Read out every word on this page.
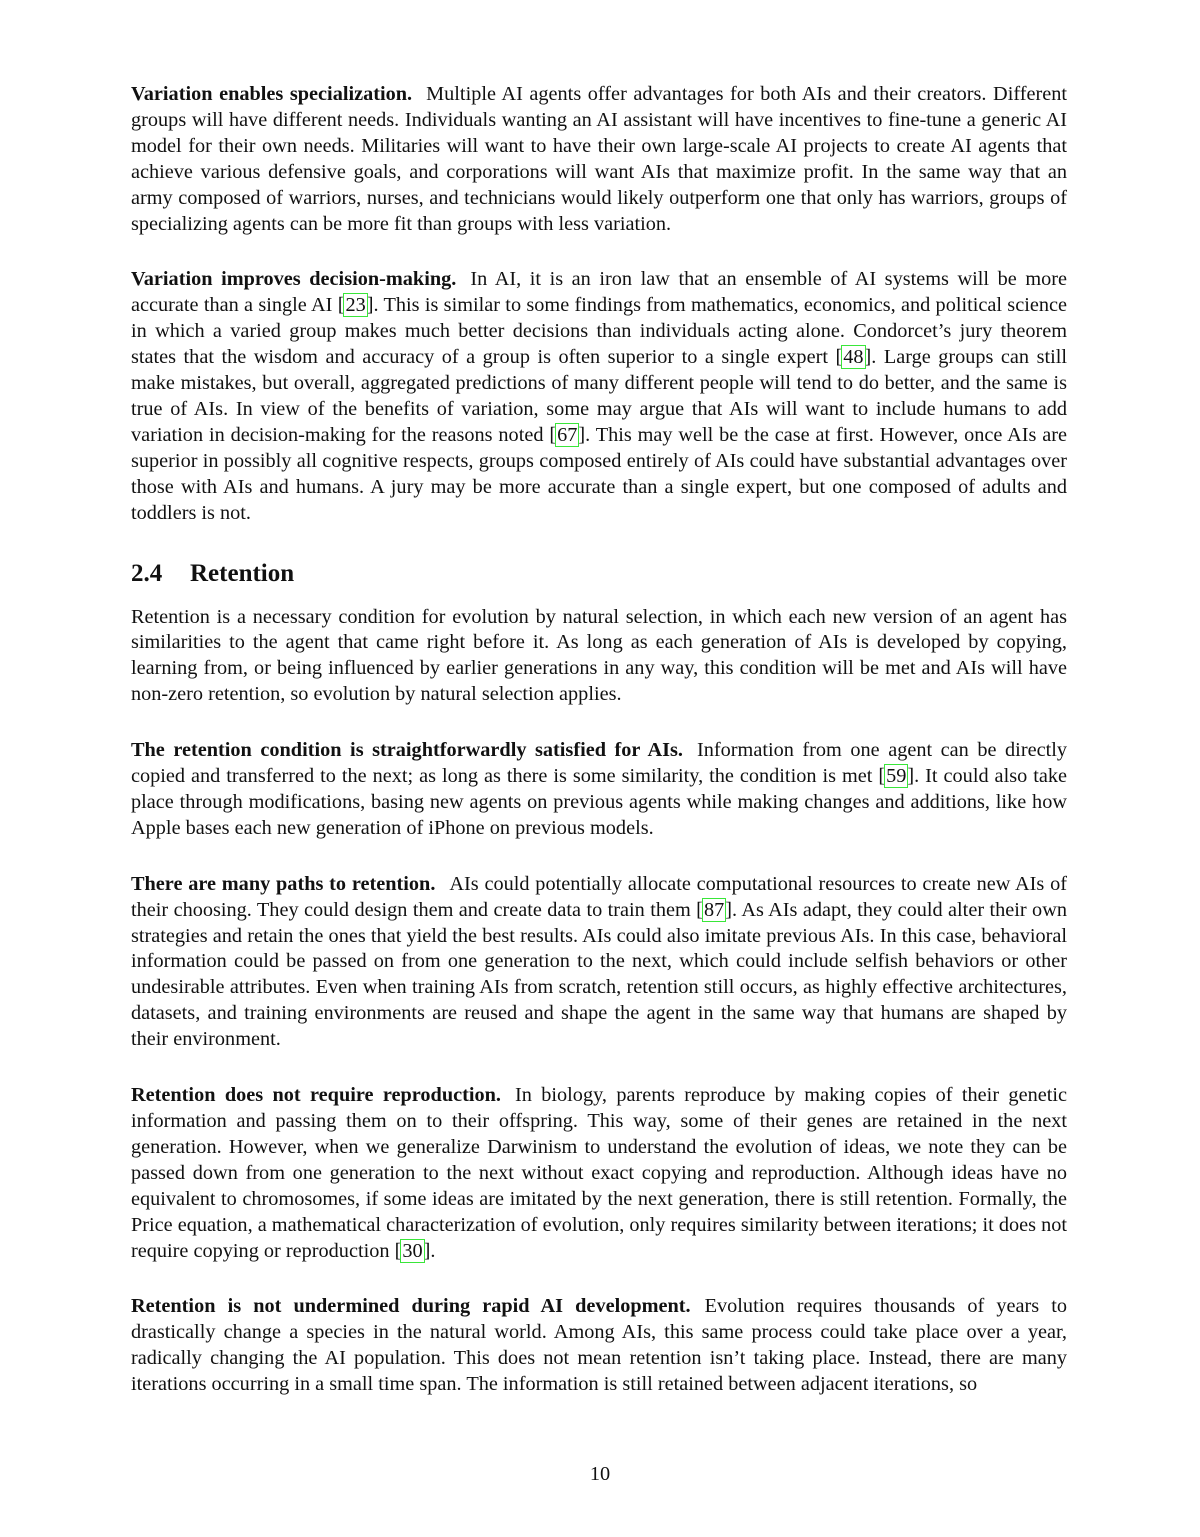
Variation enables specialization. Multiple AI agents offer advantages for both AIs and their creators. Different groups will have different needs. Individuals wanting an AI assistant will have incentives to fine-tune a generic AI model for their own needs. Militaries will want to have their own large-scale AI projects to create AI agents that achieve various defensive goals, and corporations will want AIs that maximize profit. In the same way that an army composed of warriors, nurses, and technicians would likely outperform one that only has warriors, groups of specializing agents can be more fit than groups with less variation.

Variation improves decision-making. In AI, it is an iron law that an ensemble of AI systems will be more accurate than a single AI [23]. This is similar to some findings from mathematics, economics, and political science in which a varied group makes much better decisions than individuals acting alone. Condorcet’s jury theorem states that the wisdom and accuracy of a group is often superior to a single expert [48]. Large groups can still make mistakes, but overall, aggregated predictions of many different people will tend to do better, and the same is true of AIs. In view of the benefits of variation, some may argue that AIs will want to include humans to add variation in decision-making for the reasons noted [67]. This may well be the case at first. However, once AIs are superior in possibly all cognitive respects, groups composed entirely of AIs could have substantial advantages over those with AIs and humans. A jury may be more accurate than a single expert, but one composed of adults and toddlers is not.

2.4 Retention

Retention is a necessary condition for evolution by natural selection, in which each new version of an agent has similarities to the agent that came right before it. As long as each generation of AIs is developed by copying, learning from, or being influenced by earlier generations in any way, this condition will be met and AIs will have non-zero retention, so evolution by natural selection applies.

The retention condition is straightforwardly satisfied for AIs. Information from one agent can be directly copied and transferred to the next; as long as there is some similarity, the condition is met [59]. It could also take place through modifications, basing new agents on previous agents while making changes and additions, like how Apple bases each new generation of iPhone on previous models.

There are many paths to retention. AIs could potentially allocate computational resources to create new AIs of their choosing. They could design them and create data to train them [87]. As AIs adapt, they could alter their own strategies and retain the ones that yield the best results. AIs could also imitate previous AIs. In this case, behavioral information could be passed on from one generation to the next, which could include selfish behaviors or other undesirable attributes. Even when training AIs from scratch, retention still occurs, as highly effective architectures, datasets, and training environments are reused and shape the agent in the same way that humans are shaped by their environment.

Retention does not require reproduction. In biology, parents reproduce by making copies of their genetic information and passing them on to their offspring. This way, some of their genes are retained in the next generation. However, when we generalize Darwinism to understand the evolution of ideas, we note they can be passed down from one generation to the next without exact copying and reproduction. Although ideas have no equivalent to chromosomes, if some ideas are imitated by the next generation, there is still retention. Formally, the Price equation, a mathematical characterization of evolution, only requires similarity between iterations; it does not require copying or reproduction [30].

Retention is not undermined during rapid AI development. Evolution requires thousands of years to drastically change a species in the natural world. Among AIs, this same process could take place over a year, radically changing the AI population. This does not mean retention isn’t taking place. Instead, there are many iterations occurring in a small time span. The information is still retained between adjacent iterations, so

10
